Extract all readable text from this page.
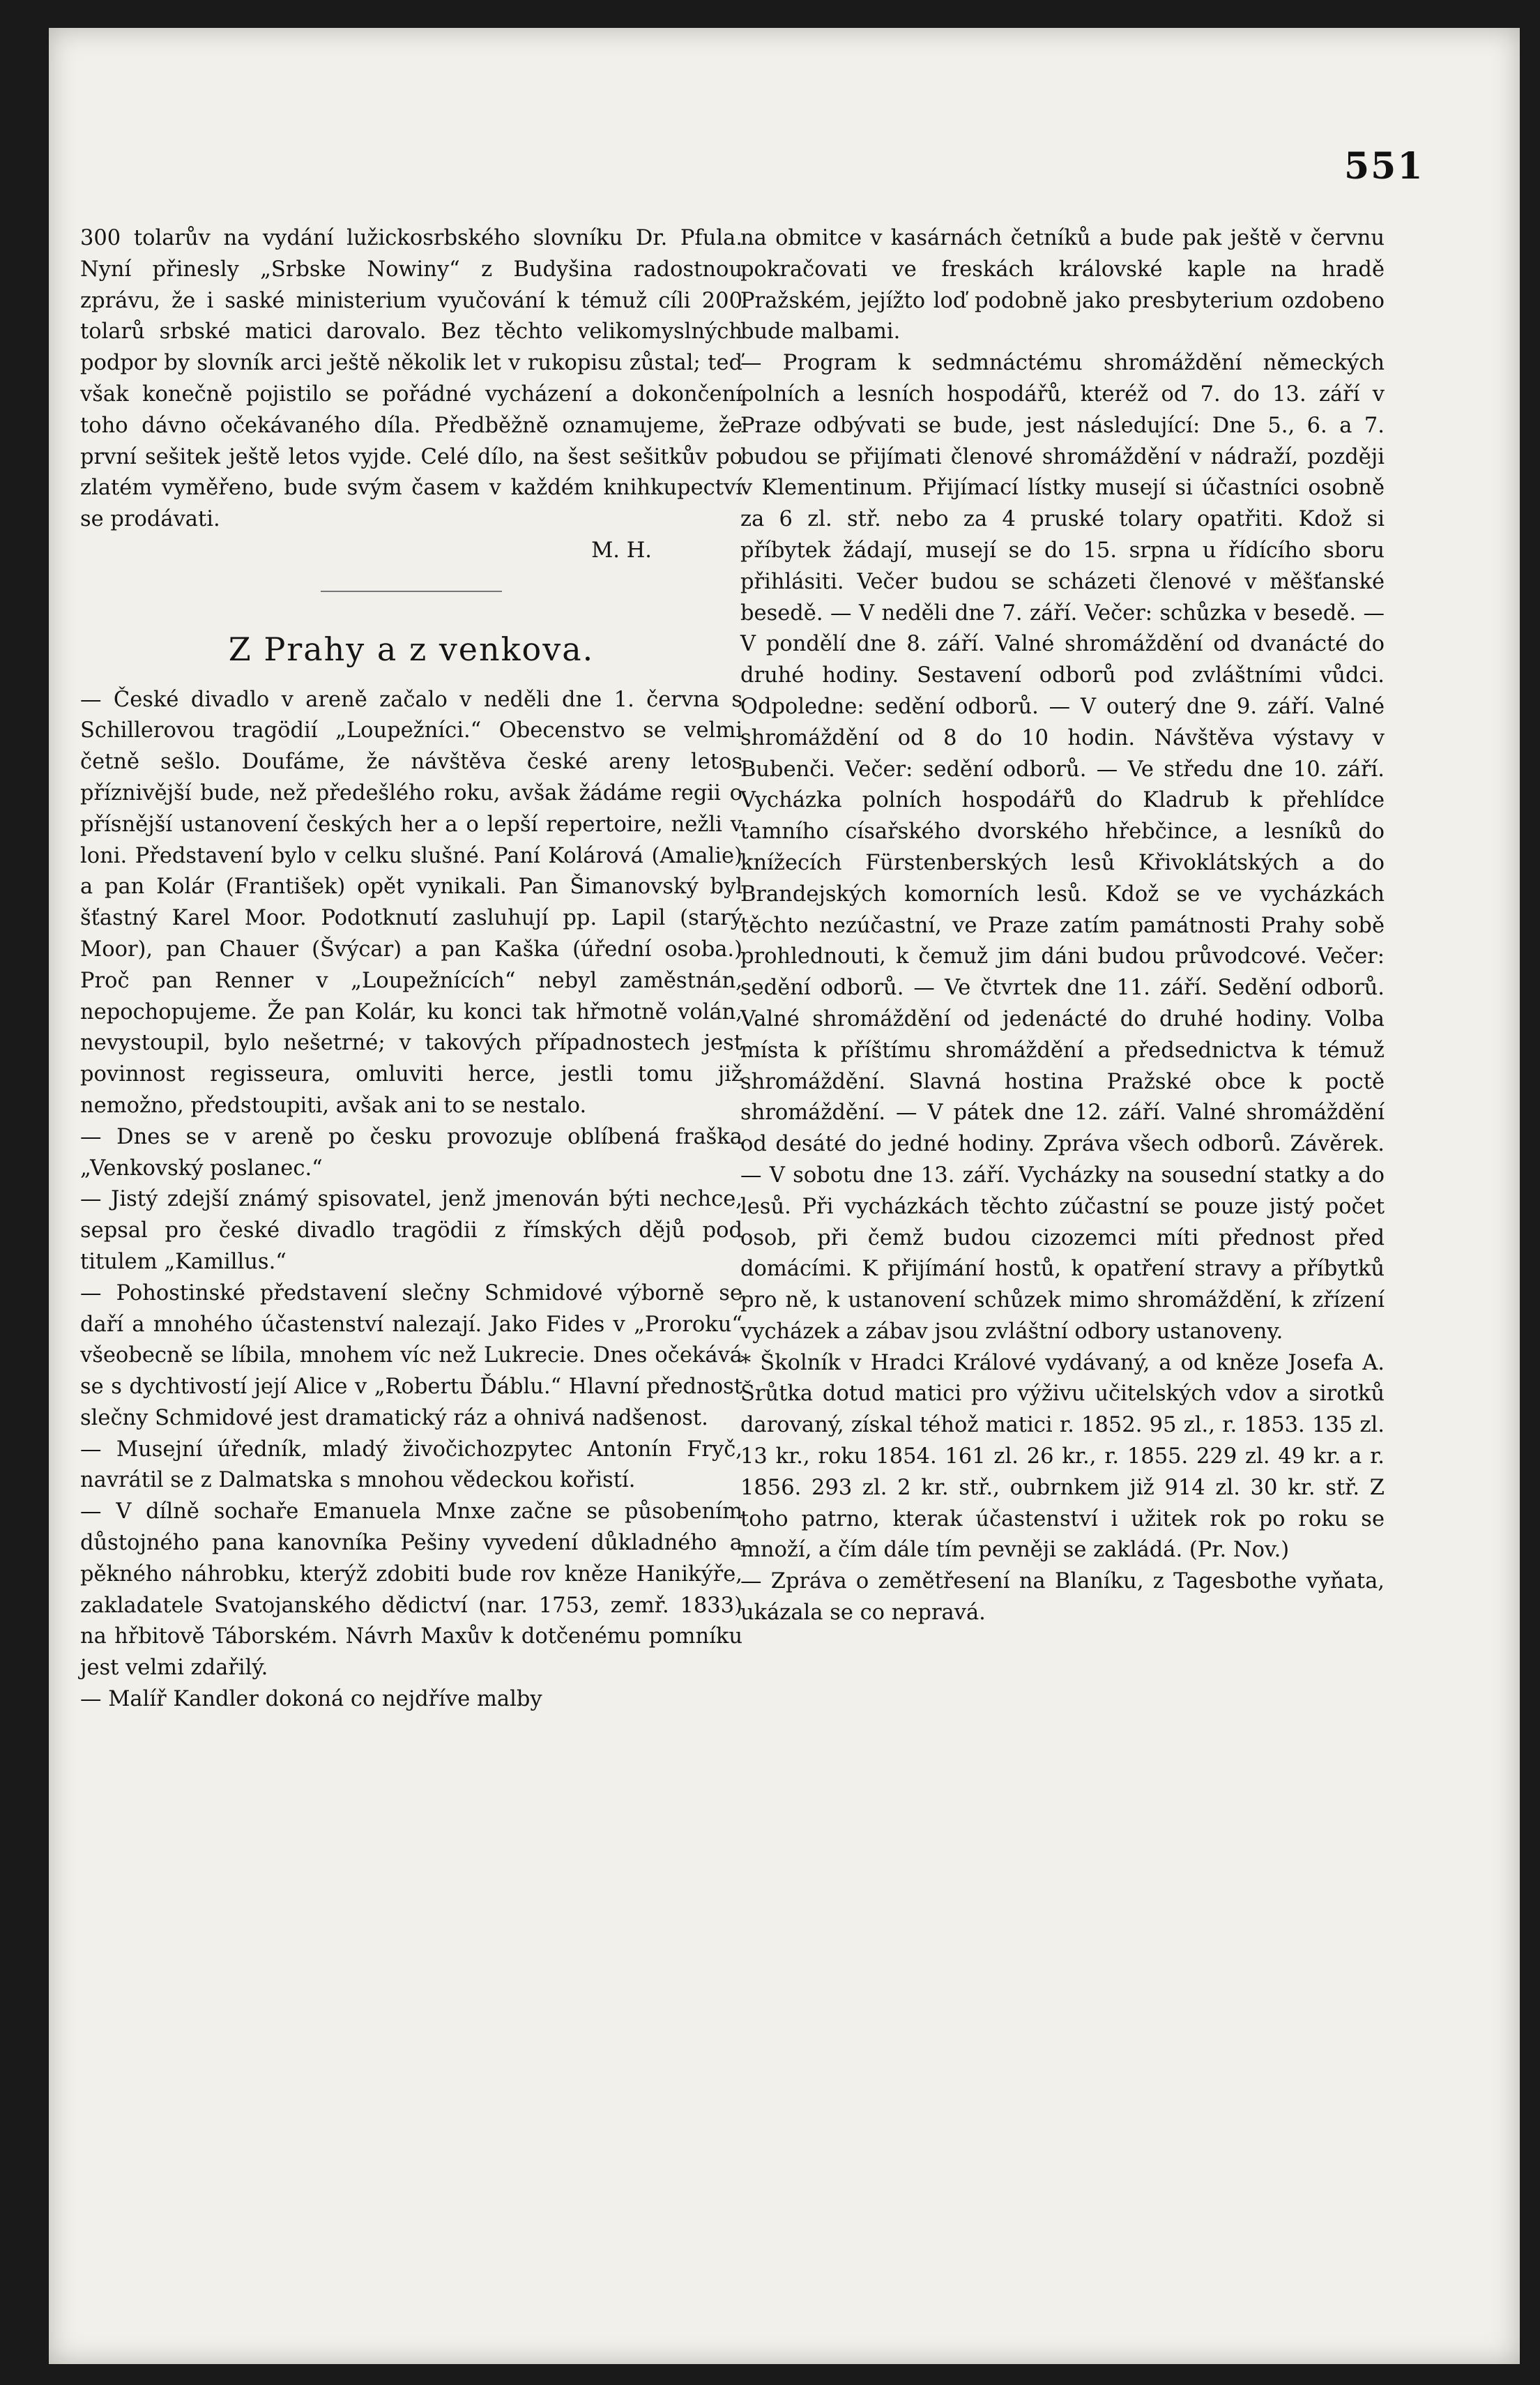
551

300 tolarův na vydání lužickosrbského slovníku Dr. Pfula. Nyní přinesly „Srbske Nowiny“ z Budyšina radostnou zprávu, že i saské ministerium vyučování k témuž cíli 200 tolarů srbské matici darovalo. Bez těchto velikomyslných podpor by slovník arci ještě několik let v rukopisu zůstal; teď však konečně pojistilo se pořádné vycházení a dokončení toho dávno očekávaného díla. Předběžně oznamujeme, že první sešitek ještě letos vyjde. Celé dílo, na šest sešitkův po zlatém vyměřeno, bude svým časem v každém knihkupectví se prodávati.

M. H.

Z Prahy a z venkova.

— České divadlo v areně začalo v neděli dne 1. června s Schillerovou tragödií „Loupežníci.“ Obecenstvo se velmi četně sešlo. Doufáme, že návštěva české areny letos příznivější bude, než předešlého roku, avšak žádáme regii o přísnější ustanovení českých her a o lepší repertoire, nežli v loni. Představení bylo v celku slušné. Paní Kolárová (Amalie) a pan Kolár (František) opět vynikali. Pan Šimanovský byl šťastný Karel Moor. Podotknutí zasluhují pp. Lapil (starý Moor), pan Chauer (Švýcar) a pan Kaška (úřední osoba.) Proč pan Renner v „Loupežnících“ nebyl zaměstnán, nepochopujeme. Že pan Kolár, ku konci tak hřmotně volán, nevystoupil, bylo nešetrné; v takových případnostech jest povinnost regisseura, omluviti herce, jestli tomu již nemožno, předstoupiti, avšak ani to se nestalo.

— Dnes se v areně po česku provozuje oblíbená fraška „Venkovský poslanec.“

— Jistý zdejší známý spisovatel, jenž jmenován býti nechce, sepsal pro české divadlo tragödii z římských dějů pod titulem „Kamillus.“

— Pohostinské představení slečny Schmidové výborně se daří a mnohého účastenství nalezají. Jako Fides v „Proroku“ všeobecně se líbila, mnohem víc než Lukrecie. Dnes očekává se s dychtivostí její Alice v „Robertu Ďáblu.“ Hlavní přednost slečny Schmidové jest dramatický ráz a ohnivá nadšenost.

— Musejní úředník, mladý živočichozpytec Antonín Fryč, navrátil se z Dalmatska s mnohou vědeckou kořistí.

— V dílně sochaře Emanuela Mnxe začne se působením důstojného pana kanovníka Pešiny vyvedení důkladného a pěkného náhrobku, kterýž zdobiti bude rov kněze Hanikýře, zakladatele Svatojanského dědictví (nar. 1753, zemř. 1833) na hřbitově Táborském. Návrh Maxův k dotčenému pomníku jest velmi zdařilý.

— Malíř Kandler dokoná co nejdříve malby

na obmitce v kasárnách četníků a bude pak ještě v červnu pokračovati ve freskách královské kaple na hradě Pražském, jejížto loď podobně jako presbyterium ozdobeno bude malbami.

— Program k sedmnáctému shromáždění německých polních a lesních hospodářů, kteréž od 7. do 13. září v Praze odbývati se bude, jest následující: Dne 5., 6. a 7. budou se přijímati členové shromáždění v nádraží, později v Klementinum. Přijímací lístky musejí si účastníci osobně za 6 zl. stř. nebo za 4 pruské tolary opatřiti. Kdož si příbytek žádají, musejí se do 15. srpna u řídícího sboru přihlásiti. Večer budou se scházeti členové v měšťanské besedě. — V neděli dne 7. září. Večer: schůzka v besedě. — V pondělí dne 8. září. Valné shromáždění od dvanácté do druhé hodiny. Sestavení odborů pod zvláštními vůdci. Odpoledne: sedění odborů. — V outerý dne 9. září. Valné shromáždění od 8 do 10 hodin. Návštěva výstavy v Bubenči. Večer: sedění odborů. — Ve středu dne 10. září. Vycházka polních hospodářů do Kladrub k přehlídce tamního císařského dvorského hřebčince, a lesníků do knížecích Fürstenberských lesů Křivoklátských a do Brandejských komorních lesů. Kdož se ve vycházkách těchto nezúčastní, ve Praze zatím památnosti Prahy sobě prohlednouti, k čemuž jim dáni budou průvodcové. Večer: sedění odborů. — Ve čtvrtek dne 11. září. Sedění odborů. Valné shromáždění od jedenácté do druhé hodiny. Volba místa k příštímu shromáždění a předsednictva k témuž shromáždění. Slavná hostina Pražské obce k poctě shromáždění. — V pátek dne 12. září. Valné shromáždění od desáté do jedné hodiny. Zpráva všech odborů. Závěrek. — V sobotu dne 13. září. Vycházky na sousední statky a do lesů. Při vycházkách těchto zúčastní se pouze jistý počet osob, při čemž budou cizozemci míti přednost před domácími. K přijímání hostů, k opatření stravy a příbytků pro ně, k ustanovení schůzek mimo shromáždění, k zřízení vycházek a zábav jsou zvláštní odbory ustanoveny.

* Školník v Hradci Králové vydávaný, a od kněze Josefa A. Šrůtka dotud matici pro výživu učitelských vdov a sirotků darovaný, získal téhož matici r. 1852. 95 zl., r. 1853. 135 zl. 13 kr., roku 1854. 161 zl. 26 kr., r. 1855. 229 zl. 49 kr. a r. 1856. 293 zl. 2 kr. stř., oubrnkem již 914 zl. 30 kr. stř. Z toho patrno, kterak účastenství i užitek rok po roku se množí, a čím dále tím pevněji se zakládá. (Pr. Nov.)

— Zpráva o zemětřesení na Blaníku, z Tagesbothe vyňata, ukázala se co nepravá.
